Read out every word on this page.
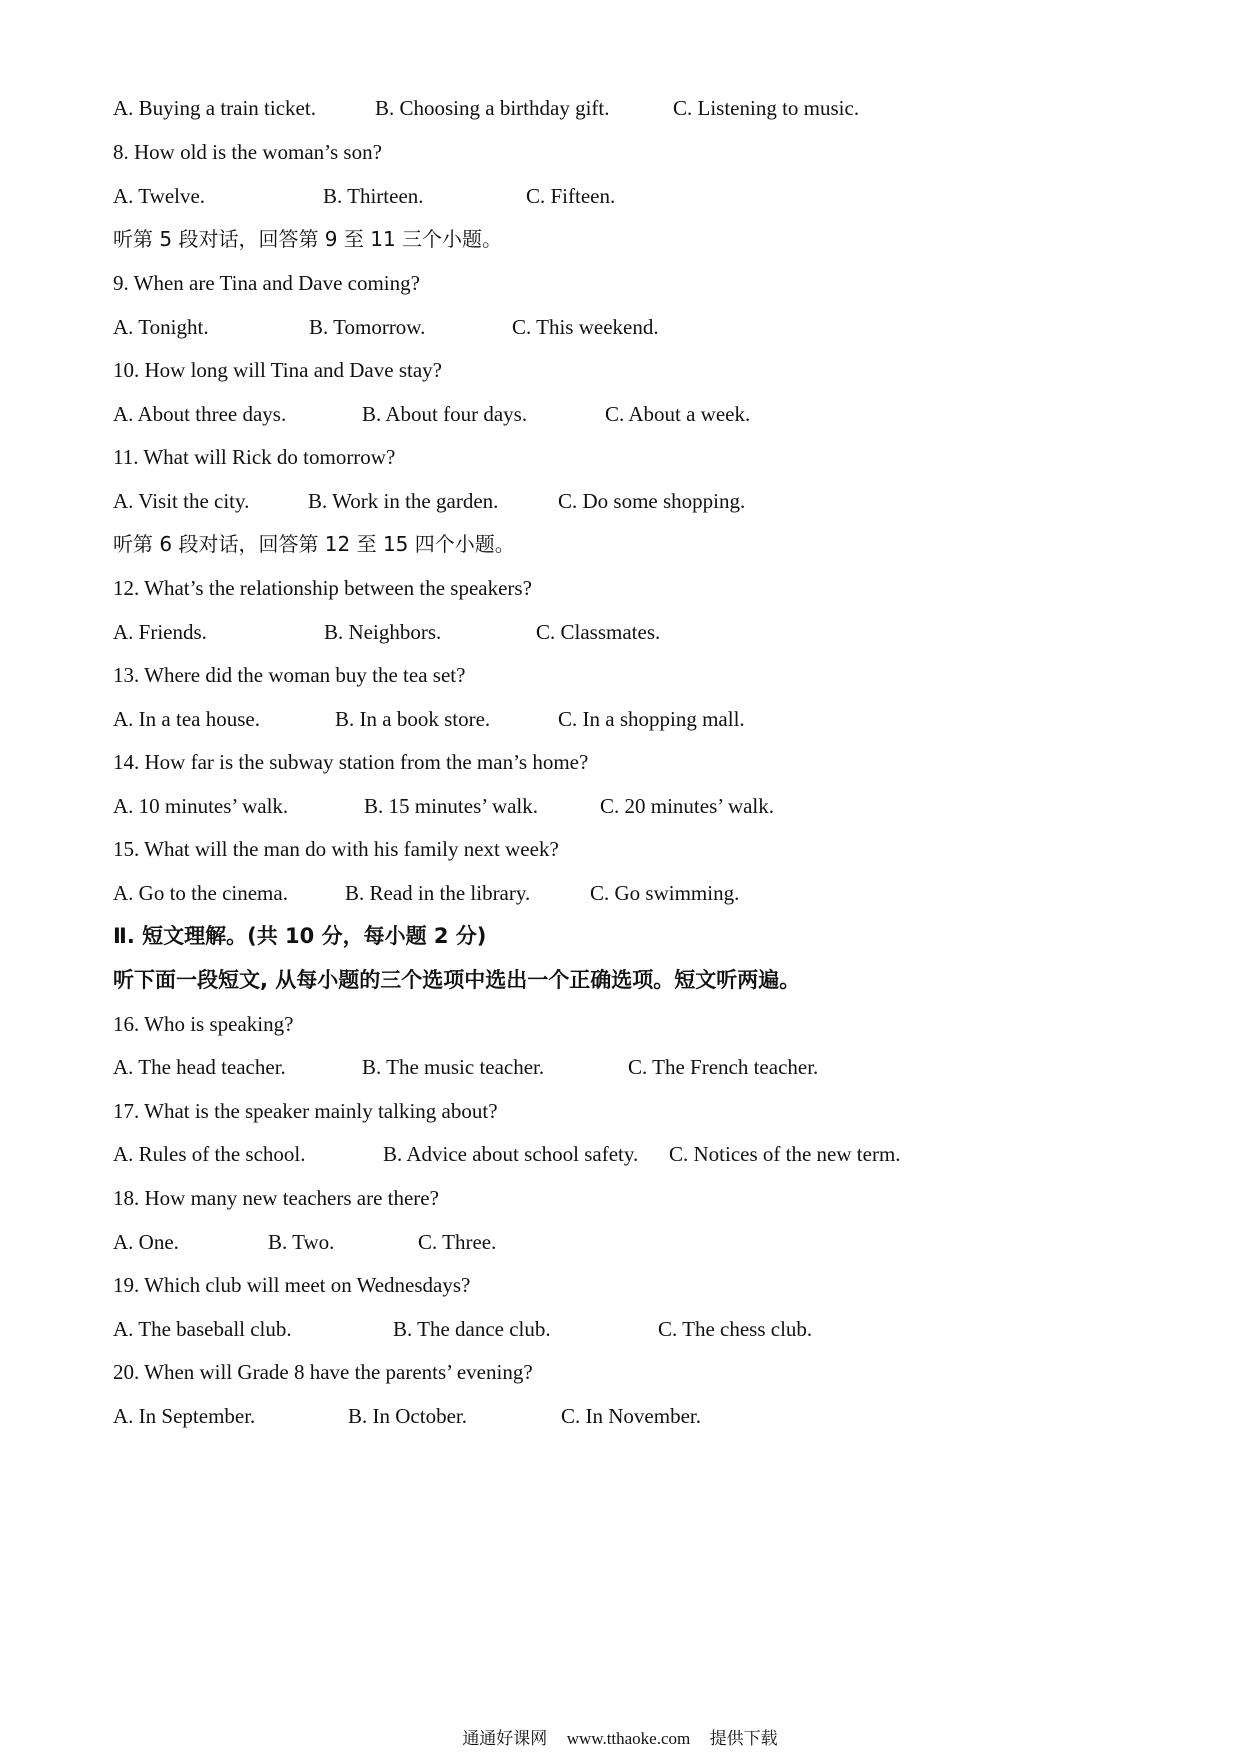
A. Buying a train ticket.	B. Choosing a birthday gift.	C. Listening to music.
8. How old is the woman’s son?
A. Twelve.	B. Thirteen.	C. Fifteen.
听第 5 段对话，回答第 9 至 11 三个小题。
9. When are Tina and Dave coming?
A. Tonight.	B. Tomorrow.	C. This weekend.
10. How long will Tina and Dave stay?
A. About three days.	B. About four days.	C. About a week.
11. What will Rick do tomorrow?
A. Visit the city.	B. Work in the garden.	C. Do some shopping.
听第 6 段对话，回答第 12 至 15 四个小题。
12. What’s the relationship between the speakers?
A. Friends.	B. Neighbors.	C. Classmates.
13. Where did the woman buy the tea set?
A. In a tea house.	B. In a book store.	C. In a shopping mall.
14. How far is the subway station from the man’s home?
A. 10 minutes’ walk.	B. 15 minutes’ walk.	C. 20 minutes’ walk.
15. What will the man do with his family next week?
A. Go to the cinema.	B. Read in the library.	C. Go swimming.
Ⅱ. 短文理解。(共 10 分，每小题 2 分)
听下面一段短文, 从每小题的三个选项中选出一个正确选项。短文听两遍。
16. Who is speaking?
A. The head teacher.	B. The music teacher.	C. The French teacher.
17. What is the speaker mainly talking about?
A. Rules of the school.	B. Advice about school safety. C. Notices of the new term.
18. How many new teachers are there?
A. One.	B. Two.	C. Three.
19. Which club will meet on Wednesdays?
A. The baseball club.	B. The dance club.	C. The chess club.
20. When will Grade 8 have the parents’ evening?
A. In September.	B. In October.	C. In November.
通通好课网 www.tthaoke.com 提供下载
